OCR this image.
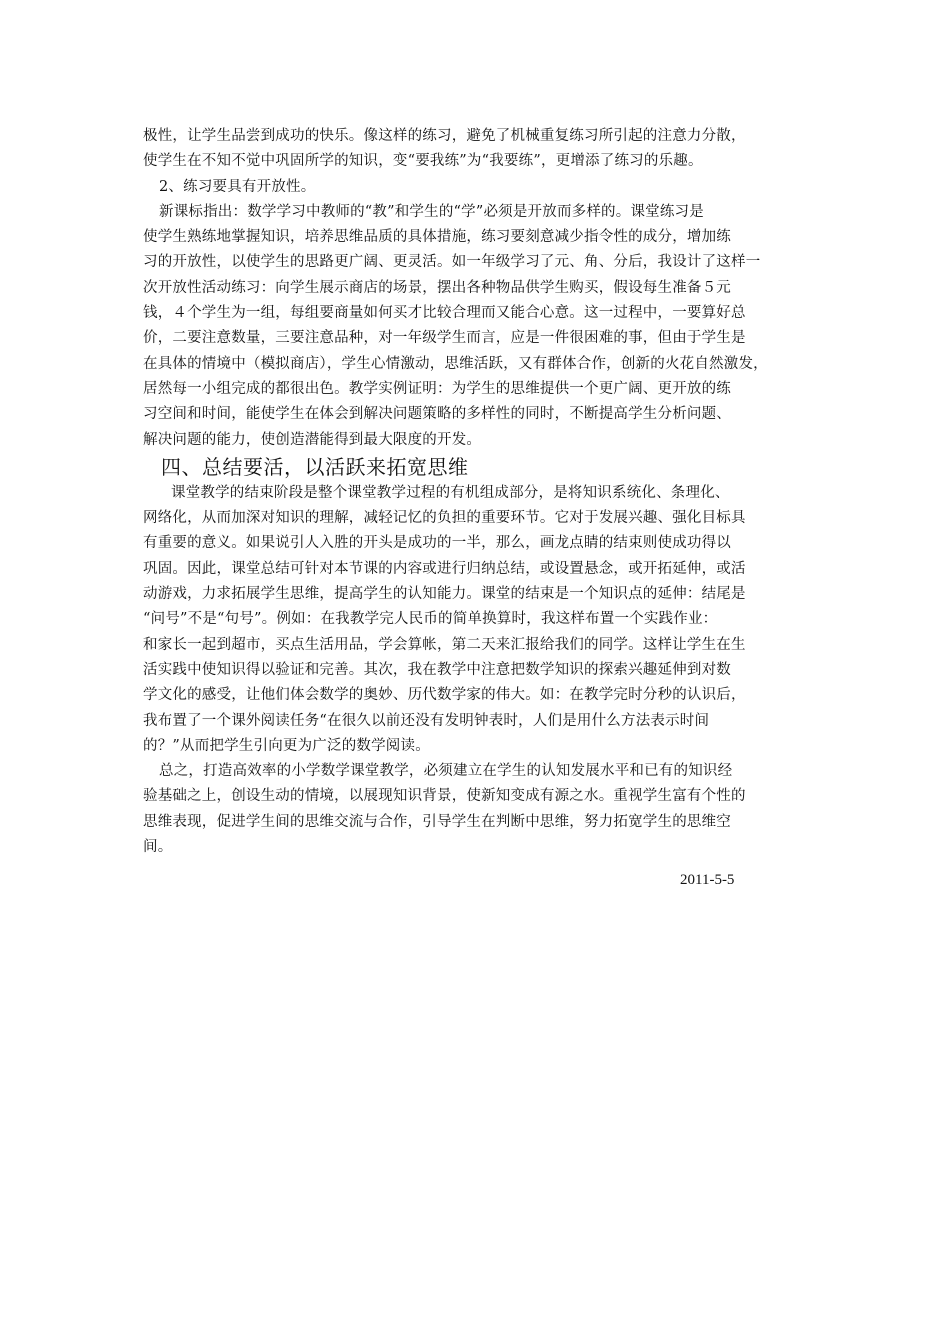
极性，让学生品尝到成功的快乐。像这样的练习，避免了机械重复练习所引起的注意力分散，
使学生在不知不觉中巩固所学的知识，变“要我练”为“我要练”，更增添了练习的乐趣。
2、练习要具有开放性。
新课标指出：数学学习中教师的“教”和学生的“学”必须是开放而多样的。课堂练习是
使学生熟练地掌握知识，培养思维品质的具体措施，练习要刻意减少指令性的成分，增加练
习的开放性，以使学生的思路更广阔、更灵活。如一年级学习了元、角、分后，我设计了这样一
次开放性活动练习：向学生展示商店的场景，摆出各种物品供学生购买，假设每生准备５元
钱，４个学生为一组，每组要商量如何买才比较合理而又能合心意。这一过程中，一要算好总
价，二要注意数量，三要注意品种，对一年级学生而言，应是一件很困难的事，但由于学生是
在具体的情境中（模拟商店），学生心情激动，思维活跃，又有群体合作，创新的火花自然激发，
居然每一小组完成的都很出色。教学实例证明：为学生的思维提供一个更广阔、更开放的练
习空间和时间，能使学生在体会到解决问题策略的多样性的同时，不断提高学生分析问题、
解决问题的能力，使创造潜能得到最大限度的开发。
四、总结要活，以活跃来拓宽思维
课堂教学的结束阶段是整个课堂教学过程的有机组成部分，是将知识系统化、条理化、
网络化，从而加深对知识的理解，减轻记忆的负担的重要环节。它对于发展兴趣、强化目标具
有重要的意义。如果说引人入胜的开头是成功的一半，那么，画龙点睛的结束则使成功得以
巩固。因此，课堂总结可针对本节课的内容或进行归纳总结，或设置悬念，或开拓延伸，或活
动游戏，力求拓展学生思维，提高学生的认知能力。课堂的结束是一个知识点的延伸：结尾是
“问号”不是“句号”。例如：在我教学完人民币的简单换算时，我这样布置一个实践作业：
和家长一起到超市，买点生活用品，学会算帐，第二天来汇报给我们的同学。这样让学生在生
活实践中使知识得以验证和完善。其次，我在教学中注意把数学知识的探索兴趣延伸到对数
学文化的感受，让他们体会数学的奥妙、历代数学家的伟大。如：在教学完时分秒的认识后，
我布置了一个课外阅读任务“在很久以前还没有发明钟表时，人们是用什么方法表示时间
的？”从而把学生引向更为广泛的数学阅读。
总之，打造高效率的小学数学课堂教学，必须建立在学生的认知发展水平和已有的知识经
验基础之上，创设生动的情境，以展现知识背景，使新知变成有源之水。重视学生富有个性的
思维表现，促进学生间的思维交流与合作，引导学生在判断中思维，努力拓宽学生的思维空
间。
2011-5-5
